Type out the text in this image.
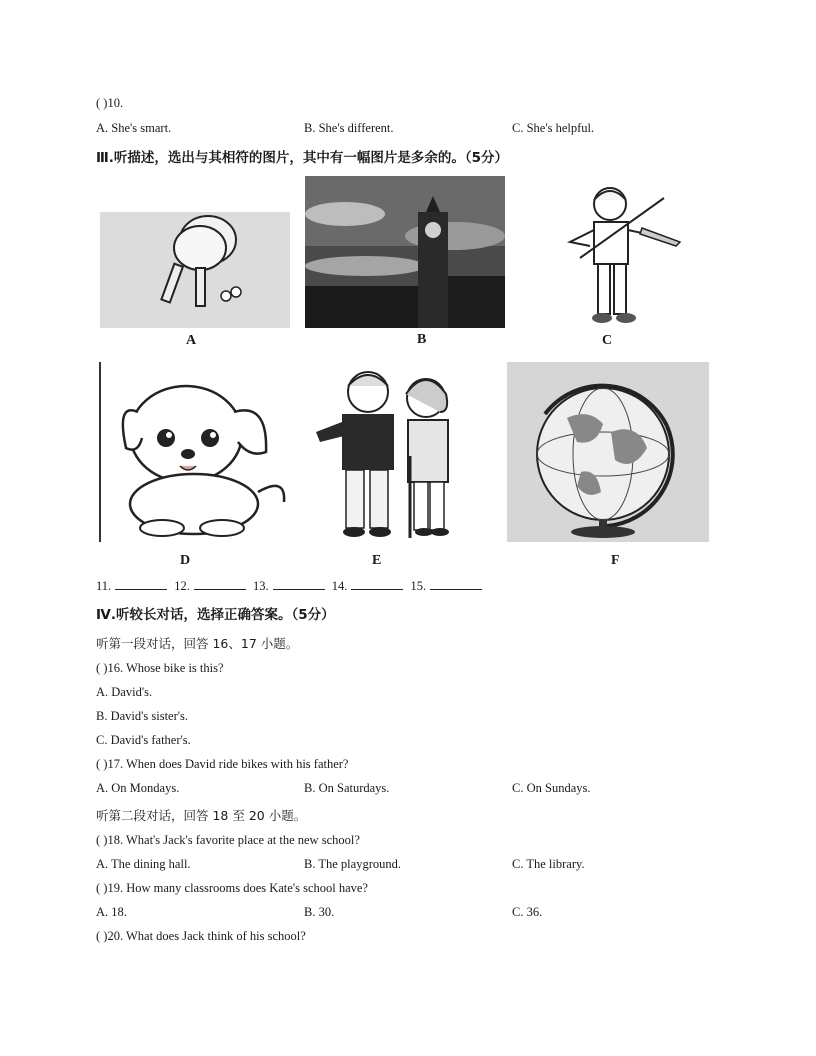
( )10.
A. She's smart.	B. She's different.	C. She's helpful.
Ⅲ.听描述，选出与其相符的图片，其中有一幅图片是多余的。（5分）
A	B	C
D	E	F
11.	12.	13.	14.	15.
Ⅳ.听较长对话，选择正确答案。（5分）
听第一段对话，回答 16、17 小题。
( )16. Whose bike is this?
A. David's.
B. David's sister's.
C. David's father's.
( )17. When does David ride bikes with his father?
A. On Mondays.	B. On Saturdays.	C. On Sundays.
听第二段对话，回答 18 至 20 小题。
( )18. What's Jack's favorite place at the new school?
A. The dining hall.	B. The playground.	C. The library.
( )19. How many classrooms does Kate's school have?
A. 18.	B. 30.	C. 36.
( )20. What does Jack think of his school?
